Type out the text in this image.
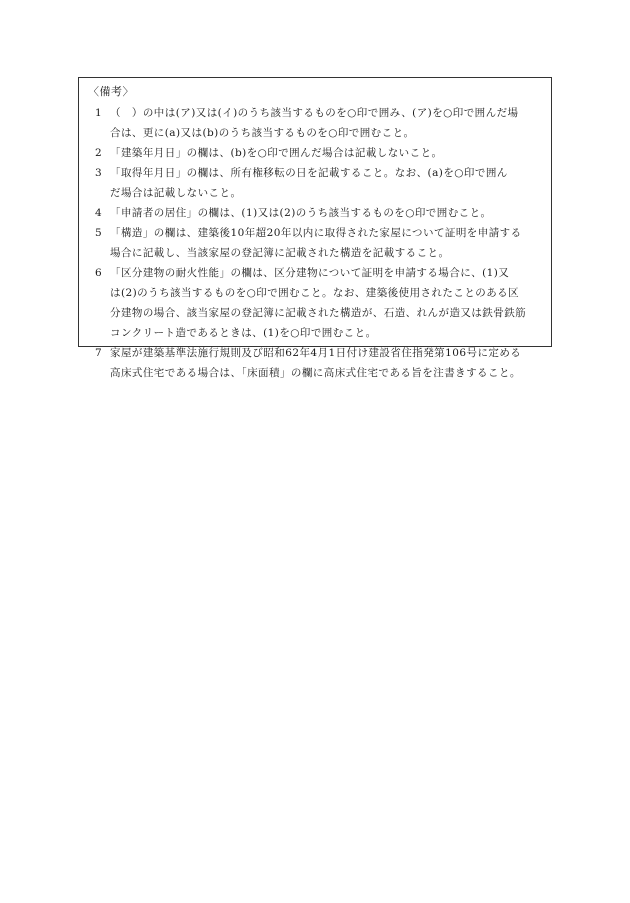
〈備考〉
1 （　）の中は(ア)又は(イ)のうち該当するものを○印で囲み、(ア)を○印で囲んだ場
合は、更に(a)又は(b)のうち該当するものを○印で囲むこと。
2 「建築年月日」の欄は、(b)を○印で囲んだ場合は記載しないこと。
3 「取得年月日」の欄は、所有権移転の日を記載すること。なお、(a)を○印で囲ん
だ場合は記載しないこと。
4 「申請者の居住」の欄は、(1)又は(2)のうち該当するものを○印で囲むこと。
5 「構造」の欄は、建築後10年超20年以内に取得された家屋について証明を申請する
場合に記載し、当該家屋の登記簿に記載された構造を記載すること。
6 「区分建物の耐火性能」の欄は、区分建物について証明を申請する場合に、(1)又
は(2)のうち該当するものを○印で囲むこと。なお、建築後使用されたことのある区
分建物の場合、該当家屋の登記簿に記載された構造が、石造、れんが造又は鉄骨鉄筋
コンクリート造であるときは、(1)を○印で囲むこと。
7 家屋が建築基準法施行規則及び昭和62年4月1日付け建設省住指発第106号に定める
高床式住宅である場合は、「床面積」の欄に高床式住宅である旨を注書きすること。
